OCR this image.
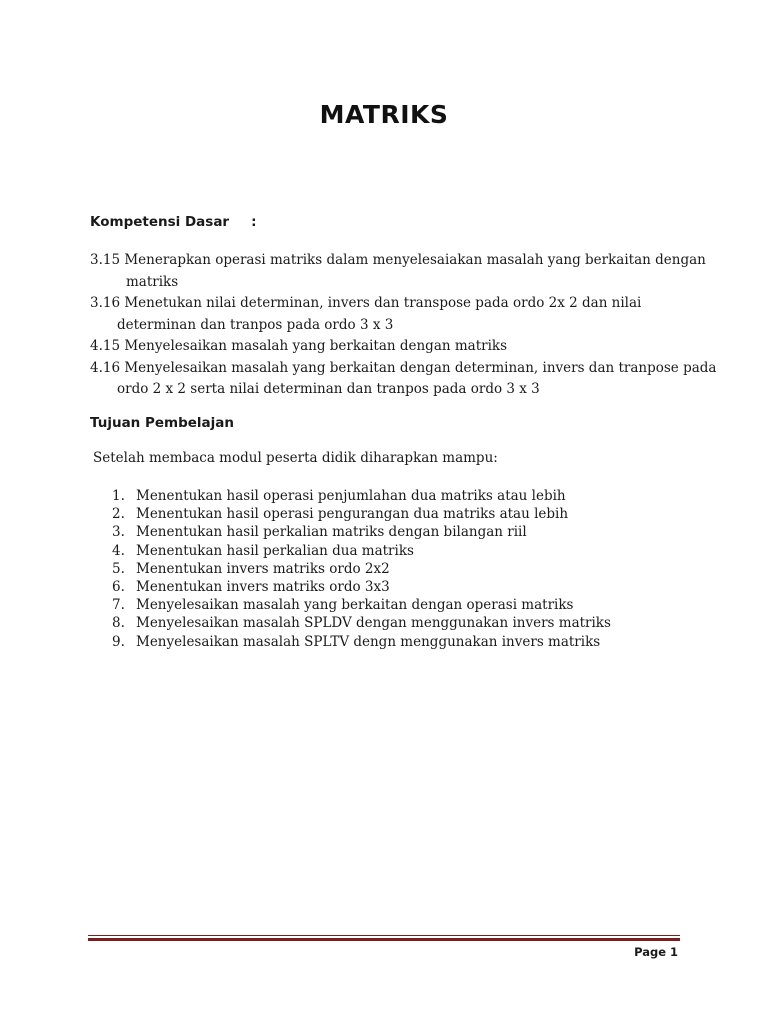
MATRIKS
Kompetensi Dasar :
3.15 Menerapkan operasi matriks dalam menyelesaiakan masalah yang berkaitan dengan
matriks
3.16 Menetukan nilai determinan, invers dan transpose pada ordo 2x 2 dan nilai
determinan dan tranpos pada ordo 3 x 3
4.15 Menyelesaikan masalah yang berkaitan dengan matriks
4.16 Menyelesaikan masalah yang berkaitan dengan determinan, invers dan tranpose pada
ordo 2 x 2 serta nilai determinan dan tranpos pada ordo 3 x 3
Tujuan Pembelajan
Setelah membaca modul peserta didik diharapkan mampu:
1. Menentukan hasil operasi penjumlahan dua matriks atau lebih
2. Menentukan hasil operasi pengurangan dua matriks atau lebih
3. Menentukan hasil perkalian matriks dengan bilangan riil
4. Menentukan hasil perkalian dua matriks
5. Menentukan invers matriks ordo 2x2
6. Menentukan invers matriks ordo 3x3
7. Menyelesaikan masalah yang berkaitan dengan operasi matriks
8. Menyelesaikan masalah SPLDV dengan menggunakan invers matriks
9. Menyelesaikan masalah SPLTV dengn menggunakan invers matriks
Page 1
